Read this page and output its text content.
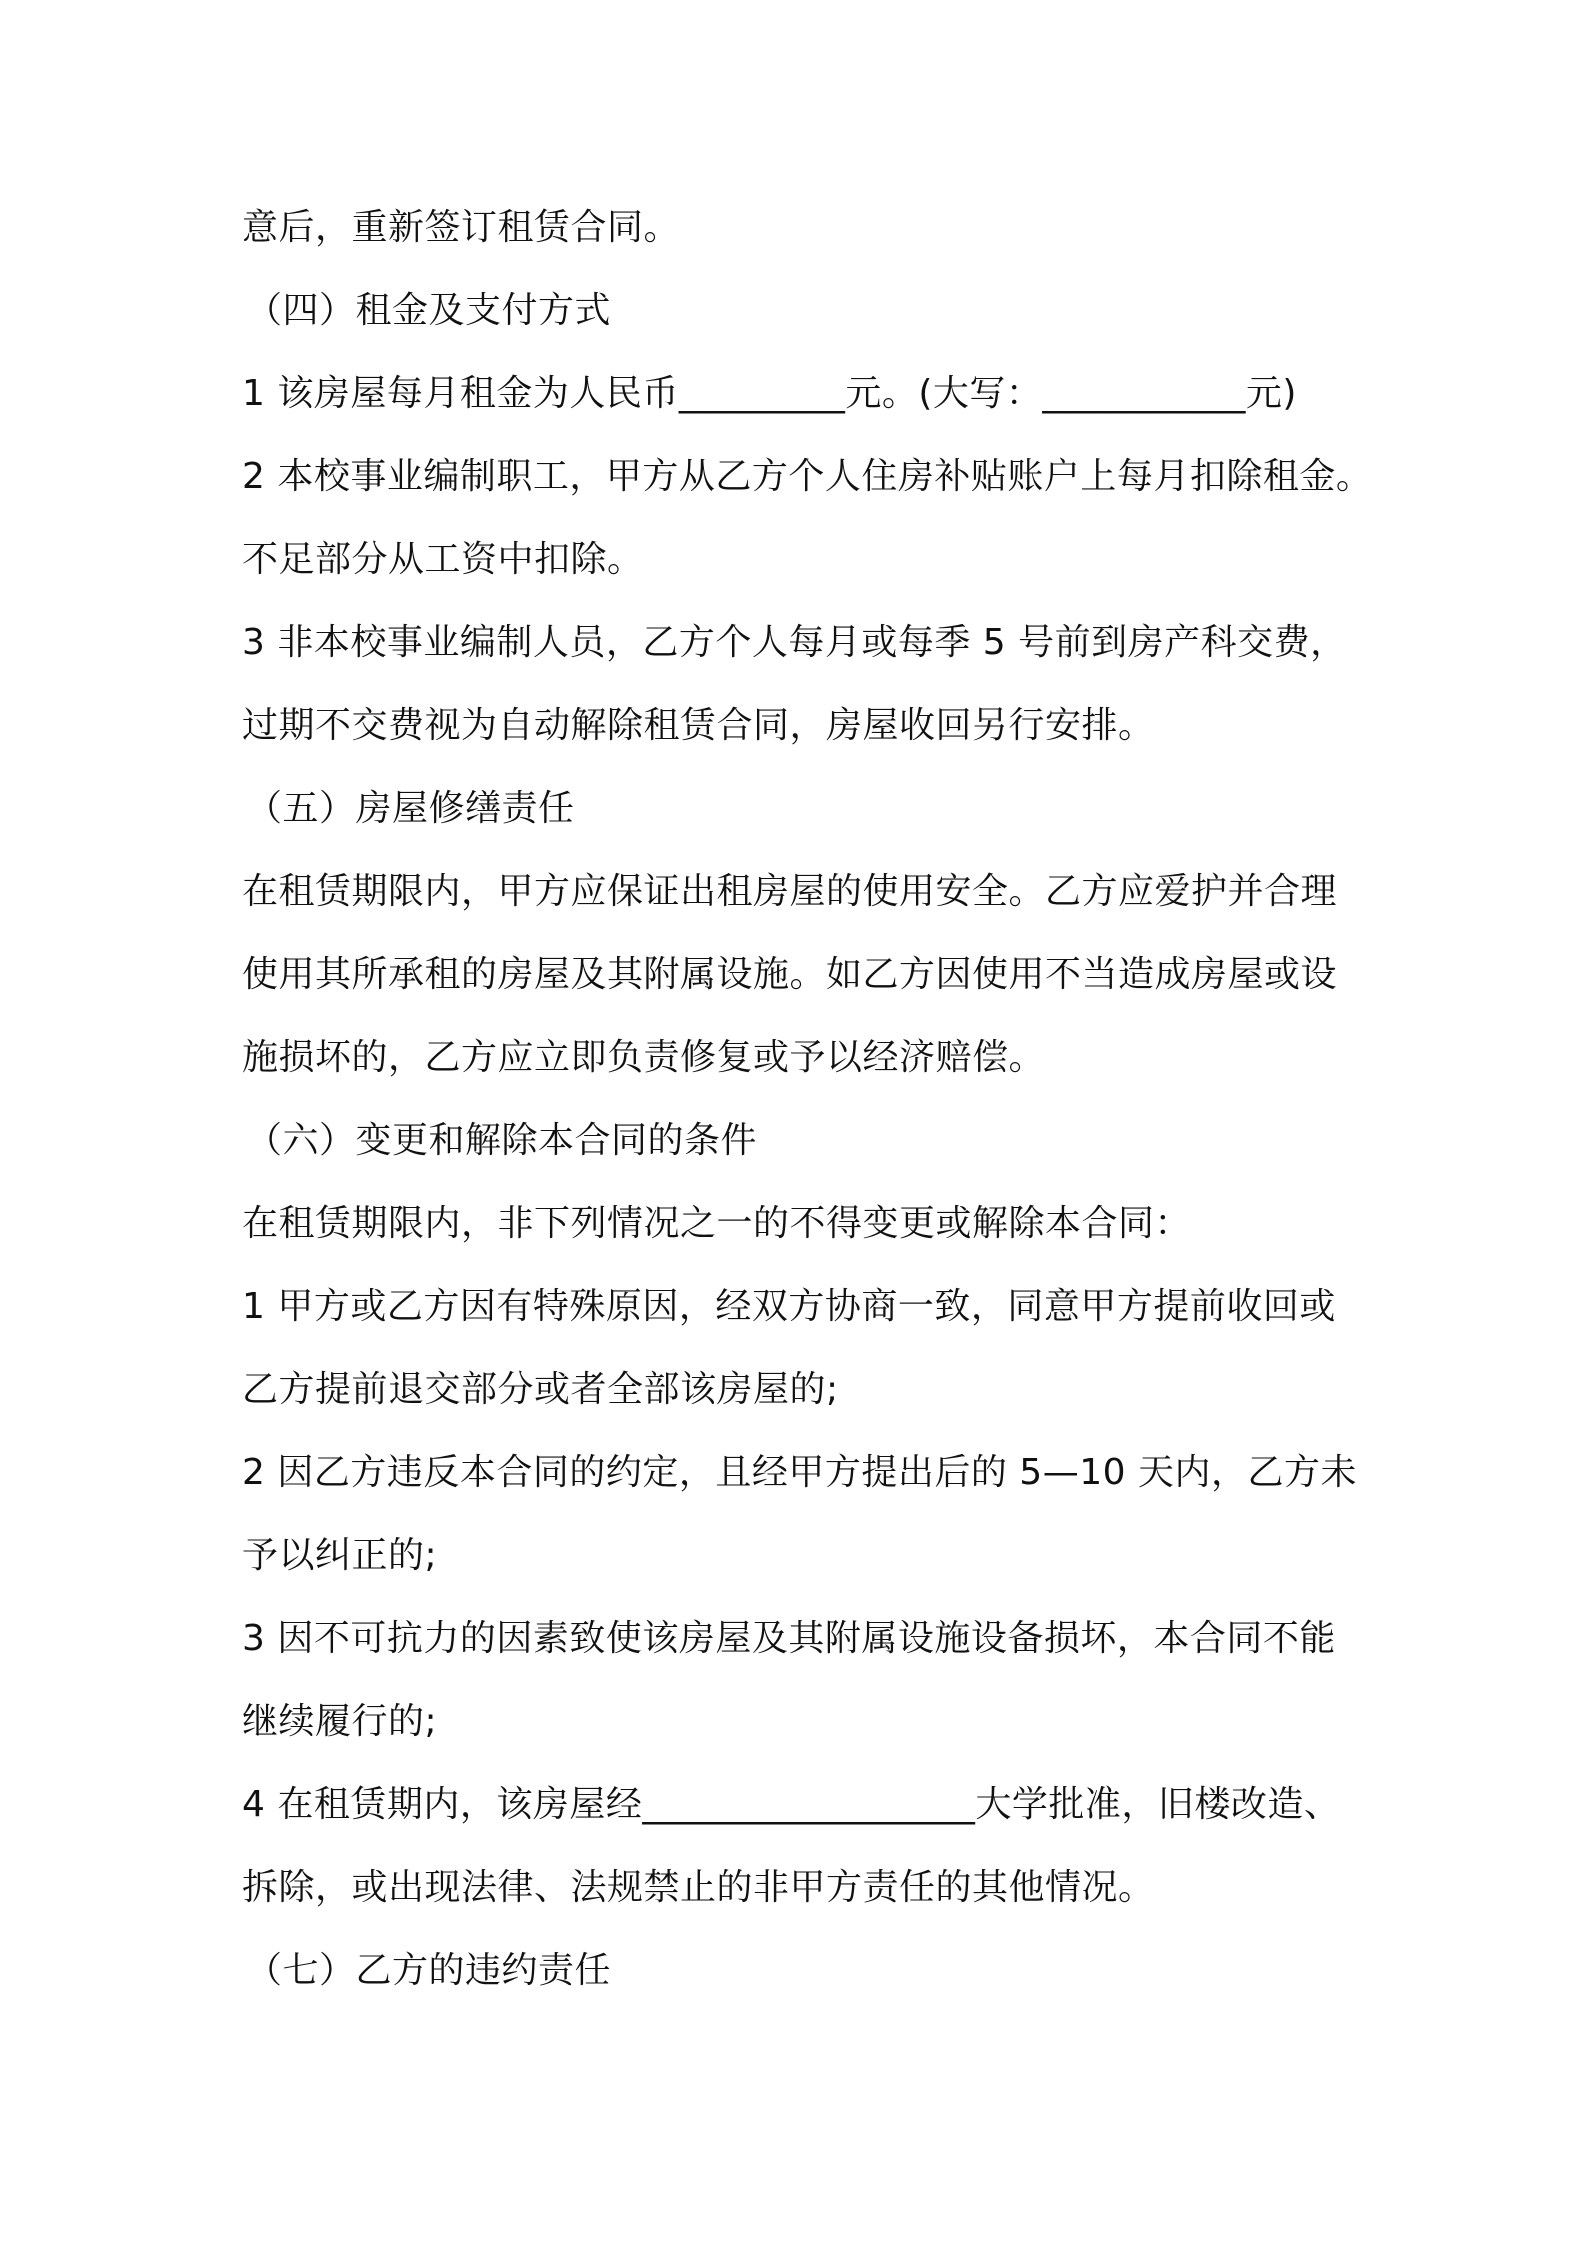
意后，重新签订租赁合同。
（四）租金及支付方式
1 该房屋每月租金为人民币_________元。(大写：___________元)
2 本校事业编制职工，甲方从乙方个人住房补贴账户上每月扣除租金。
不足部分从工资中扣除。
3 非本校事业编制人员，乙方个人每月或每季 5 号前到房产科交费，
过期不交费视为自动解除租赁合同，房屋收回另行安排。
（五）房屋修缮责任
在租赁期限内，甲方应保证出租房屋的使用安全。乙方应爱护并合理
使用其所承租的房屋及其附属设施。如乙方因使用不当造成房屋或设
施损坏的，乙方应立即负责修复或予以经济赔偿。
（六）变更和解除本合同的条件
在租赁期限内，非下列情况之一的不得变更或解除本合同：
1 甲方或乙方因有特殊原因，经双方协商一致，同意甲方提前收回或
乙方提前退交部分或者全部该房屋的;
2 因乙方违反本合同的约定，且经甲方提出后的 5—10 天内，乙方未
予以纠正的;
3 因不可抗力的因素致使该房屋及其附属设施设备损坏，本合同不能
继续履行的;
4 在租赁期内，该房屋经__________________大学批准，旧楼改造、
拆除，或出现法律、法规禁止的非甲方责任的其他情况。
（七）乙方的违约责任
